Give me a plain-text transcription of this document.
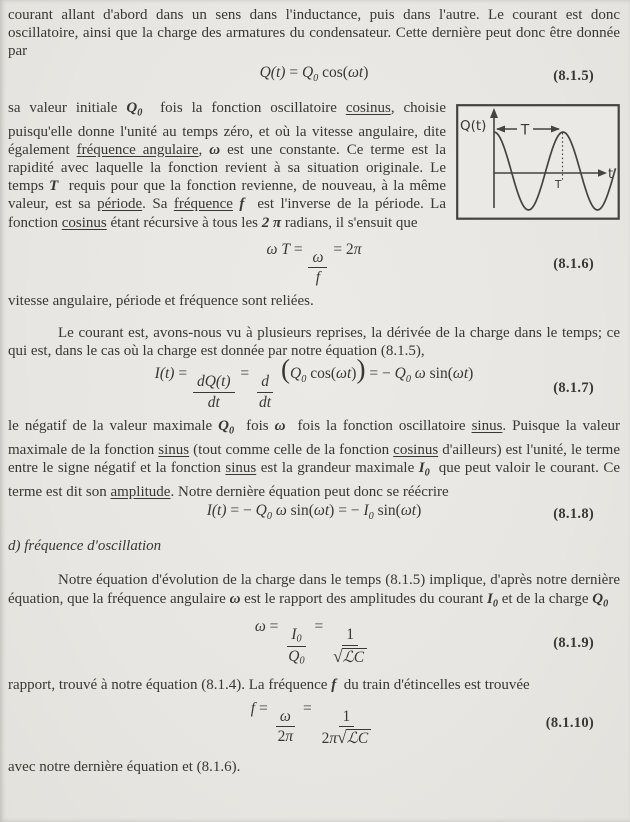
courant allant d'abord dans un sens dans l'inductance, puis dans l'autre. Le courant est donc oscillatoire, ainsi que la charge des armatures du condensateur. Cette dernière peut donc être donnée par

$Q(t) = Q_0$ cos(ωt)	(8.1.5)
Q(t)
t
T
T

sa valeur initiale $Q_0$  fois la fonction oscillatoire cosinus, choisie puisqu'elle donne l'unité au temps zéro, et où la vitesse angulaire, dite également fréquence angulaire, ω est une constante. Ce terme est la rapidité avec laquelle la fonction revient à sa situation originale. Le temps T  requis pour que la fonction revienne, de nouveau, à la même valeur, est sa période. Sa fréquence f  est l'inverse de la période. La fonction cosinus étant récursive à tous les 2 π radians, il s'ensuit que

ω $T = \frac{\omega}{f} = 2\pi$
(8.1.6)

vitesse angulaire, période et fréquence sont reliées.

Le courant est, avons-nous vu à plusieurs reprises, la dérivée de la charge dans le temps; ce qui est, dans le cas où la charge est donnée par notre équation (8.1.5),

$I(t) = \frac{dQ(t)}{dt} = \frac{d}{dt}$
($Q_0$ cos(ωt)) = − $Q_0$ ω sin(ωt)
(8.1.7)

le négatif de la valeur maximale $Q_0$  fois ω  fois la fonction oscillatoire sinus. Puisque la valeur maximale de la fonction sinus (tout comme celle de la fonction cosinus d'ailleurs) est l'unité, le terme entre le signe négatif et la fonction sinus est la grandeur maximale $I_0$  que peut valoir le courant. Ce terme est dit son amplitude. Notre dernière équation peut donc se réécrire

I(t) = − $Q_0$ ω sin(ωt) = − $I_0$ sin(ωt)	(8.1.8)

d) fréquence d'oscillation

Notre équation d'évolution de la charge dans le temps (8.1.5) implique, d'après notre dernière équation, que la fréquence angulaire ω est le rapport des amplitudes du courant $I_0$ et de la charge $Q_0$

$\omega = \frac{I0}{Q0} = \frac{1}{\text{√ℒC}}$	(8.1.9)

rapport, trouvé à notre équation (8.1.4). La fréquence f  du train d'étincelles est trouvée

$f = \frac{\omega}{2\pi} = \frac{1}{\text{2π√ℒC}}$	(8.1.10)

avec notre dernière équation et (8.1.6).
